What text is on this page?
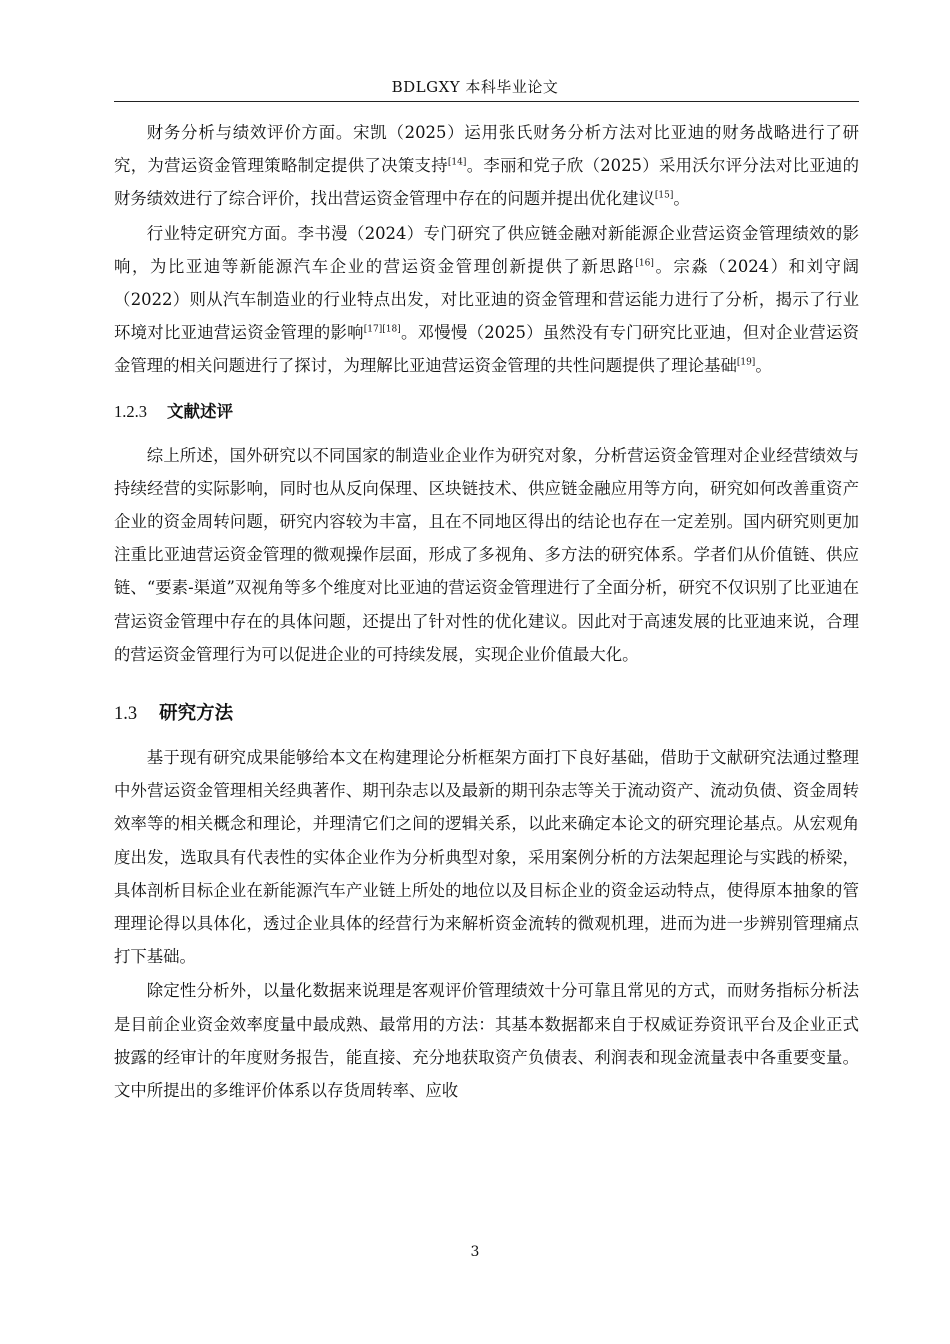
BDLGXY 本科毕业论文

财务分析与绩效评价方面。宋凯（2025）运用张氏财务分析方法对比亚迪的财务战略进行了研究，为营运资金管理策略制定提供了决策支持[14]。李丽和党子欣（2025）采用沃尔评分法对比亚迪的财务绩效进行了综合评价，找出营运资金管理中存在的问题并提出优化建议[15]。

行业特定研究方面。李书漫（2024）专门研究了供应链金融对新能源企业营运资金管理绩效的影响，为比亚迪等新能源汽车企业的营运资金管理创新提供了新思路[16]。宗淼（2024）和刘守阔（2022）则从汽车制造业的行业特点出发，对比亚迪的资金管理和营运能力进行了分析，揭示了行业环境对比亚迪营运资金管理的影响[17][18]。邓慢慢（2025）虽然没有专门研究比亚迪，但对企业营运资金管理的相关问题进行了探讨，为理解比亚迪营运资金管理的共性问题提供了理论基础[19]。

1.2.3 文献述评

综上所述，国外研究以不同国家的制造业企业作为研究对象，分析营运资金管理对企业经营绩效与持续经营的实际影响，同时也从反向保理、区块链技术、供应链金融应用等方向，研究如何改善重资产企业的资金周转问题，研究内容较为丰富，且在不同地区得出的结论也存在一定差别。国内研究则更加注重比亚迪营运资金管理的微观操作层面，形成了多视角、多方法的研究体系。学者们从价值链、供应链、“要素-渠道”双视角等多个维度对比亚迪的营运资金管理进行了全面分析，研究不仅识别了比亚迪在营运资金管理中存在的具体问题，还提出了针对性的优化建议。因此对于高速发展的比亚迪来说，合理的营运资金管理行为可以促进企业的可持续发展，实现企业价值最大化。

1.3 研究方法

基于现有研究成果能够给本文在构建理论分析框架方面打下良好基础，借助于文献研究法通过整理中外营运资金管理相关经典著作、期刊杂志以及最新的期刊杂志等关于流动资产、流动负债、资金周转效率等的相关概念和理论，并理清它们之间的逻辑关系，以此来确定本论文的研究理论基点。从宏观角度出发，选取具有代表性的实体企业作为分析典型对象，采用案例分析的方法架起理论与实践的桥梁，具体剖析目标企业在新能源汽车产业链上所处的地位以及目标企业的资金运动特点，使得原本抽象的管理理论得以具体化，透过企业具体的经营行为来解析资金流转的微观机理，进而为进一步辨别管理痛点打下基础。

除定性分析外，以量化数据来说理是客观评价管理绩效十分可靠且常见的方式，而财务指标分析法是目前企业资金效率度量中最成熟、最常用的方法：其基本数据都来自于权威证券资讯平台及企业正式披露的经审计的年度财务报告，能直接、充分地获取资产负债表、利润表和现金流量表中各重要变量。文中所提出的多维评价体系以存货周转率、应收

3
